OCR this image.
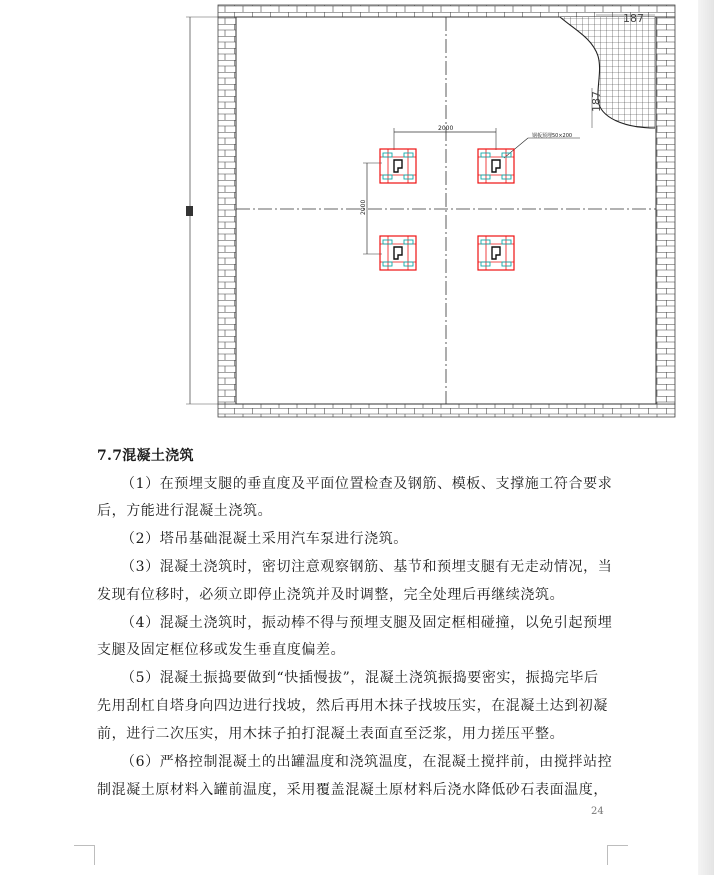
187
187
2000
2000
钢板预埋50×200
7.7混凝土浇筑
（1）在预埋支腿的垂直度及平面位置检查及钢筋、模板、支撑施工符合要求
后，方能进行混凝土浇筑。
（2）塔吊基础混凝土采用汽车泵进行浇筑。
（3）混凝土浇筑时，密切注意观察钢筋、基节和预埋支腿有无走动情况，当
发现有位移时，必须立即停止浇筑并及时调整，完全处理后再继续浇筑。
（4）混凝土浇筑时，振动棒不得与预埋支腿及固定框相碰撞，以免引起预埋
支腿及固定框位移或发生垂直度偏差。
（5）混凝土振捣要做到“快插慢拔”，混凝土浇筑振捣要密实，振捣完毕后
先用刮杠自塔身向四边进行找坡，然后再用木抹子找坡压实，在混凝土达到初凝
前，进行二次压实，用木抹子拍打混凝土表面直至泛浆，用力搓压平整。
（6）严格控制混凝土的出罐温度和浇筑温度，在混凝土搅拌前，由搅拌站控
制混凝土原材料入罐前温度，采用覆盖混凝土原材料后浇水降低砂石表面温度，
24
